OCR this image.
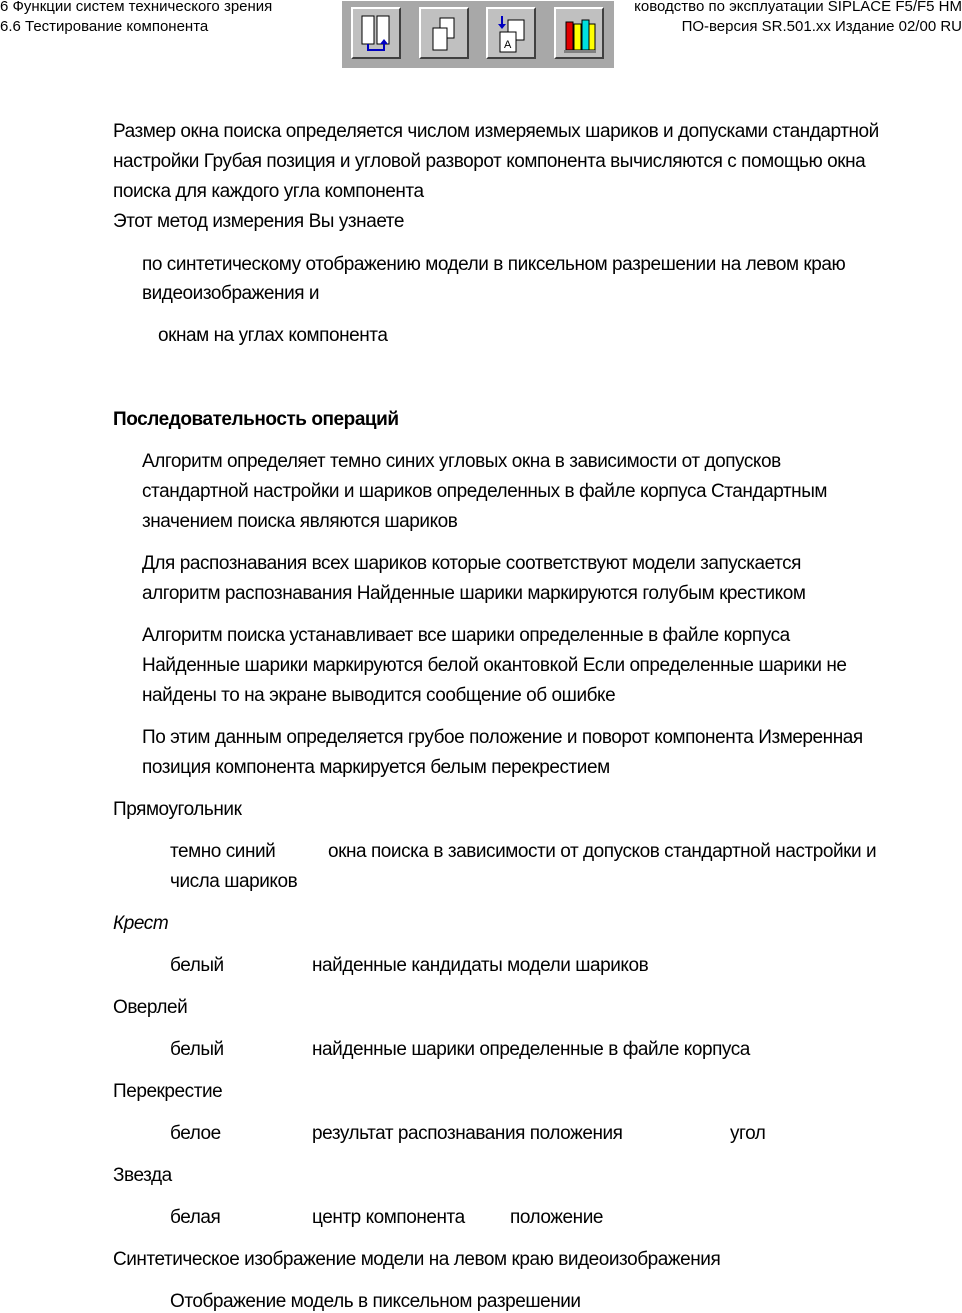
6 Функции систем технического зрения
6.6 Тестирование компонента
ководство по эксплуатации SIPLACE F5/F5 HM
ПО-версия SR.501.xx Издание 02/00 RU
A
Размер окна поиска определяется числом измеряемых шариков и допусками стандартной
настройки Грубая позиция и угловой разворот компонента вычисляются с помощью окна
поиска для каждого угла компонента
Этот метод измерения Вы узнаете
по синтетическому отображению модели в пиксельном разрешении на левом краю
видеоизображения и
окнам на углах компонента
Последовательность операций
Алгоритм определяет темно синих угловых окна в зависимости от допусков
стандартной настройки и шариков определенных в файле корпуса Стандартным
значением поиска являются шариков
Для распознавания всех шариков которые соответствуют модели запускается
алгоритм распознавания Найденные шарики маркируются голубым крестиком
Алгоритм поиска устанавливает все шарики определенные в файле корпуса
Найденные шарики маркируются белой окантовкой Если определенные шарики не
найдены то на экране выводится сообщение об ошибке
По этим данным определяется грубое положение и поворот компонента Измеренная
позиция компонента маркируется белым перекрестием
Прямоугольник
темно синий	окна поиска в зависимости от допусков стандартной настройки и
числа шариков
Крест
белый	найденные кандидаты модели шариков
Оверлей
белый	найденные шарики определенные в файле корпуса
Перекрестие
белое	результат распознавания положения	угол
Звезда
белая	центр компонента положение
Синтетическое изображение модели на левом краю видеоизображения
Отображение модель в пиксельном разрешении
